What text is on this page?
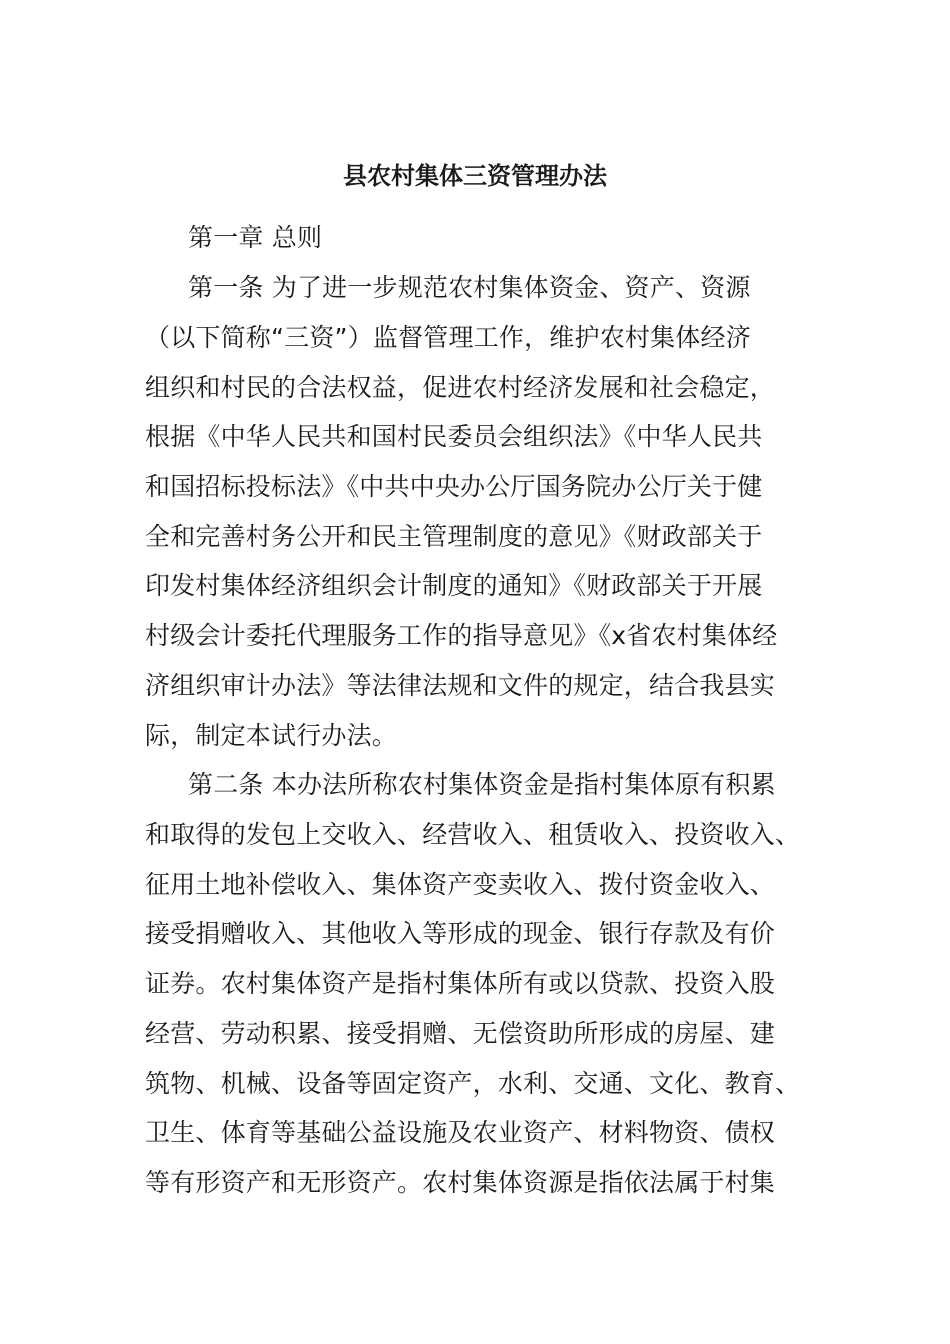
县农村集体三资管理办法
第一章 总则
第一条 为了进一步规范农村集体资金、资产、资源
（以下简称“三资”）监督管理工作，维护农村集体经济
组织和村民的合法权益，促进农村经济发展和社会稳定，
根据《中华人民共和国村民委员会组织法》《中华人民共
和国招标投标法》《中共中央办公厅国务院办公厅关于健
全和完善村务公开和民主管理制度的意见》《财政部关于
印发村集体经济组织会计制度的通知》《财政部关于开展
村级会计委托代理服务工作的指导意见》《x省农村集体经
济组织审计办法》等法律法规和文件的规定，结合我县实
际，制定本试行办法。
第二条 本办法所称农村集体资金是指村集体原有积累
和取得的发包上交收入、经营收入、租赁收入、投资收入、
征用土地补偿收入、集体资产变卖收入、拨付资金收入、
接受捐赠收入、其他收入等形成的现金、银行存款及有价
证券。农村集体资产是指村集体所有或以贷款、投资入股
经营、劳动积累、接受捐赠、无偿资助所形成的房屋、建
筑物、机械、设备等固定资产，水利、交通、文化、教育、
卫生、体育等基础公益设施及农业资产、材料物资、债权
等有形资产和无形资产。农村集体资源是指依法属于村集
